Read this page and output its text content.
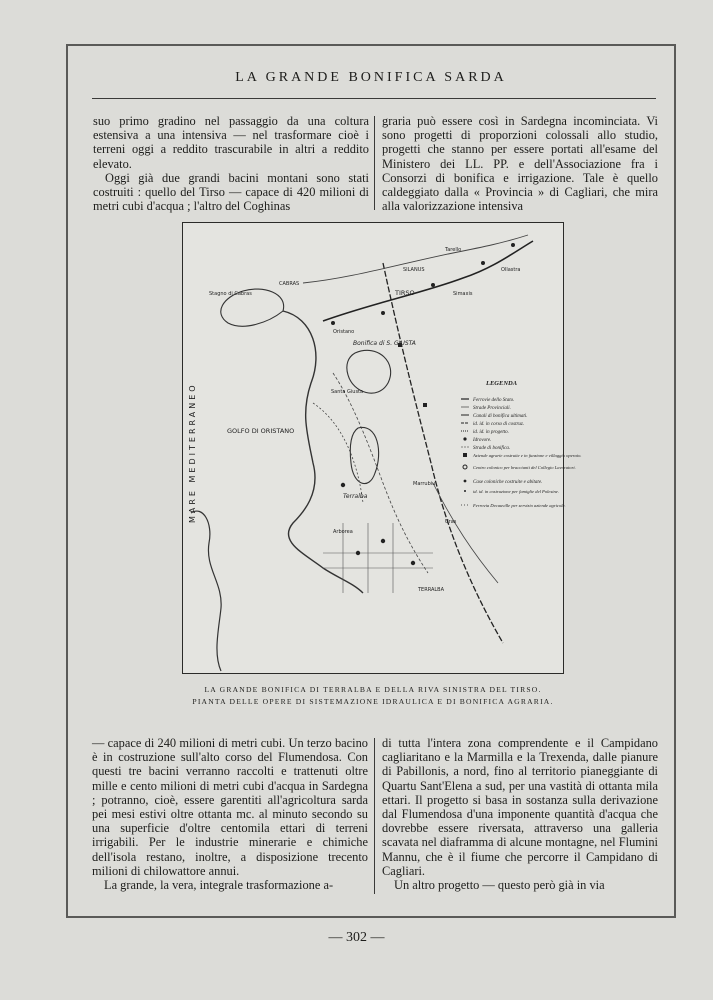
LA GRANDE BONIFICA SARDA

suo primo gradino nel passaggio da una coltura estensiva a una intensiva — nel trasformare cioè i terreni oggi a reddito trascurabile in altri a reddito elevato.

Oggi già due grandi bacini montani sono stati costruiti : quello del Tirso — capace di 420 milioni di metri cubi d'acqua ; l'altro del Coghinas

graria può essere così in Sardegna incominciata. Vi sono progetti di proporzioni colossali allo studio, progetti che stanno per essere portati all'esame del Ministero dei LL. PP. e dell'Associazione fra i Consorzi di bonifica e irrigazione. Tale è quello caldeggiato dalla « Provincia » di Cagliari, che mira alla valorizzazione intensiva

MARE MEDITERRANEO	GOLFO DI ORISTANO
Bonifica di S. GIUSTA
TIRSO
Terralba
Stagno di Cabras
CABRAS
SILANUS
Tarello
Ollastra
Simaxis
Oristano
Santa Giusta
Marrubiu
Uras
Arborea
TERRALBA
LEGENDA
Ferrovie dello Stato.
Strade Provinciali.
Canali di bonifica ultimati.
id. id. in corso di costruz.
id. id. in progetto.
Idrovore.
Strade di bonifica.
Aziende agrarie costruite e in funzione e villaggio operaio.
Centro colonico per braccianti del Collegio Lavoratori.
Case coloniche costruite e abitate.
id. id. in costruzione per famiglie del Polesine.
Ferrovia Decauville per servizio aziende agricole.
LA GRANDE BONIFICA DI TERRALBA E DELLA RIVA SINISTRA DEL TIRSO.
PIANTA DELLE OPERE DI SISTEMAZIONE IDRAULICA E DI BONIFICA AGRARIA.

— capace di 240 milioni di metri cubi. Un terzo bacino è in costruzione sull'alto corso del Flumendosa. Con questi tre bacini verranno raccolti e trattenuti oltre mille e cento milioni di metri cubi d'acqua in Sardegna ; potranno, cioè, essere garentiti all'agricoltura sarda pei mesi estivi oltre ottanta mc. al minuto secondo su una superficie d'oltre centomila ettari di terreni irrigabili. Per le industrie minerarie e chimiche dell'isola restano, inoltre, a disposizione trecento milioni di chilowattore annui.

La grande, la vera, integrale trasformazione a-

di tutta l'intera zona comprendente e il Campidano cagliaritano e la Marmilla e la Trexenda, dalle pianure di Pabillonis, a nord, fino al territorio pianeggiante di Quartu Sant'Elena a sud, per una vastità di ottanta mila ettari. Il progetto si basa in sostanza sulla derivazione dal Flumendosa d'una imponente quantità d'acqua che dovrebbe essere riversata, attraverso una galleria scavata nel diaframma di alcune montagne, nel Flumini Mannu, che è il fiume che percorre il Campidano di Cagliari.

Un altro progetto — questo però già in via

— 302 —
